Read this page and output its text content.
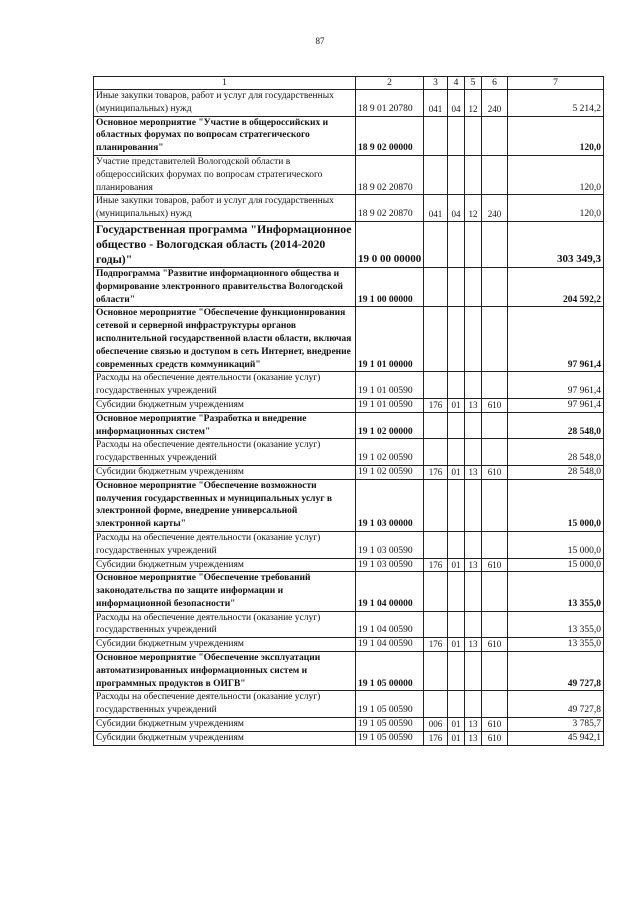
87
1	2	3	4	5	6	7
Иные закупки товаров, работ и услуг для государственных (муниципальных) нужд	18 9 01 20780	041	04	12	240	5 214,2
Основное мероприятие "Участие в общероссийских и областных форумах по вопросам стратегического планирования"	18 9 02 00000					120,0
Участие представителей Вологодской области в общероссийских форумах по вопросам стратегического планирования	18 9 02 20870					120,0
Иные закупки товаров, работ и услуг для государственных (муниципальных) нужд	18 9 02 20870	041	04	12	240	120,0
Государственная программа "Информационное общество - Вологодская область (2014-2020 годы)"	19 0 00 00000					303 349,3
Подпрограмма "Развитие информационного общества и формирование электронного правительства Вологодской области"	19 1 00 00000					204 592,2
Основное мероприятие "Обеспечение функционирования сетевой и серверной инфраструктуры органов исполнительной государственной власти области, включая обеспечение связью и доступом в сеть Интернет, внедрение современных средств коммуникаций"	19 1 01 00000					97 961,4
Расходы на обеспечение деятельности (оказание услуг) государственных учреждений	19 1 01 00590					97 961,4
Субсидии бюджетным учреждениям	19 1 01 00590	176	01	13	610	97 961,4
Основное мероприятие "Разработка и внедрение информационных систем"	19 1 02 00000					28 548,0
Расходы на обеспечение деятельности (оказание услуг) государственных учреждений	19 1 02 00590					28 548,0
Субсидии бюджетным учреждениям	19 1 02 00590	176	01	13	610	28 548,0
Основное мероприятие "Обеспечение возможности получения государственных и муниципальных услуг в электронной форме, внедрение универсальной электронной карты"	19 1 03 00000					15 000,0
Расходы на обеспечение деятельности (оказание услуг) государственных учреждений	19 1 03 00590					15 000,0
Субсидии бюджетным учреждениям	19 1 03 00590	176	01	13	610	15 000,0
Основное мероприятие "Обеспечение требований законодательства по защите информации и информационной безопасности"	19 1 04 00000					13 355,0
Расходы на обеспечение деятельности (оказание услуг) государственных учреждений	19 1 04 00590					13 355,0
Субсидии бюджетным учреждениям	19 1 04 00590	176	01	13	610	13 355,0
Основное мероприятие "Обеспечение эксплуатации автоматизированных информационных систем и программных продуктов в ОИГВ"	19 1 05 00000					49 727,8
Расходы на обеспечение деятельности (оказание услуг) государственных учреждений	19 1 05 00590					49 727,8
Субсидии бюджетным учреждениям	19 1 05 00590	006	01	13	610	3 785,7
Субсидии бюджетным учреждениям	19 1 05 00590	176	01	13	610	45 942,1
